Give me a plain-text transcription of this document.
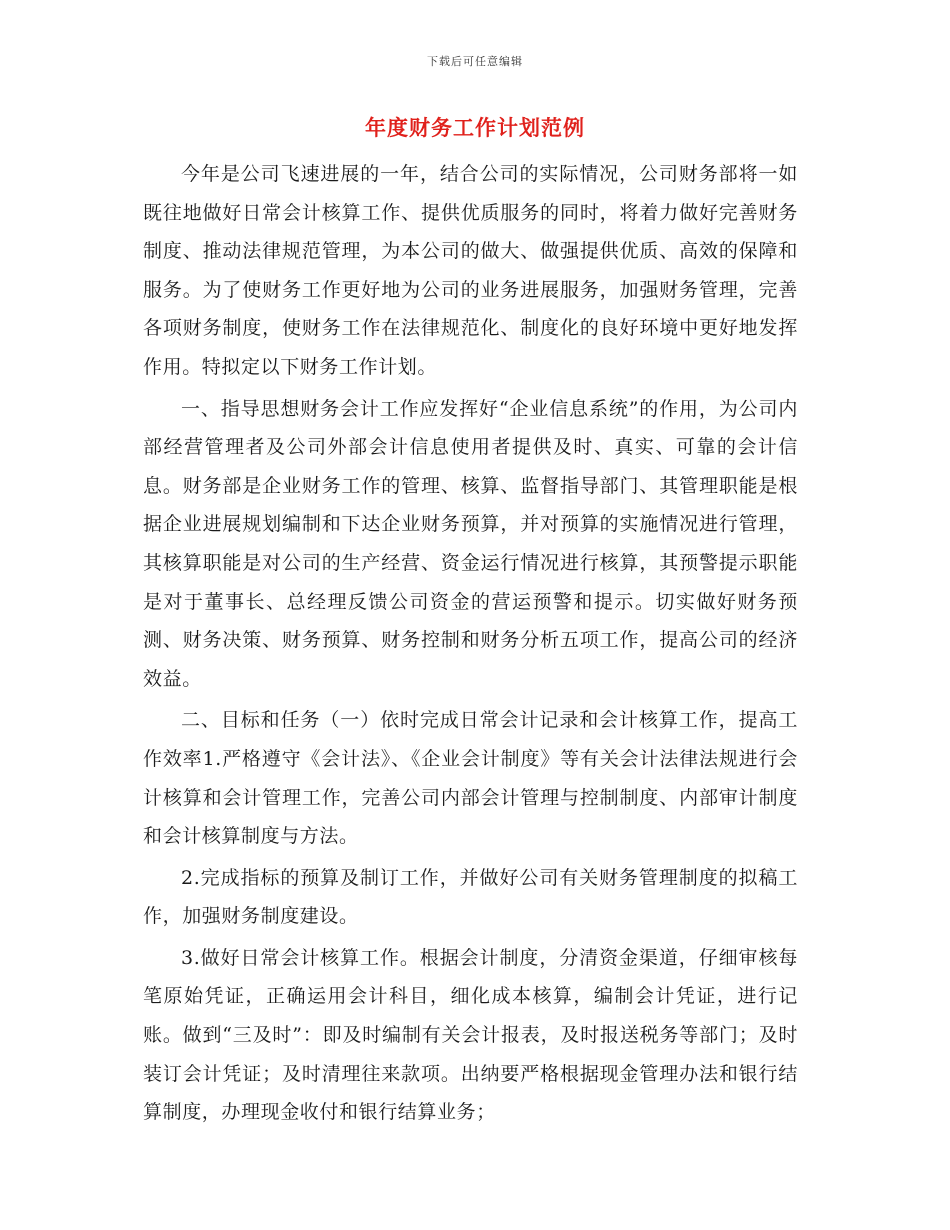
下载后可任意编辑
年度财务工作计划范例

今年是公司飞速进展的一年，结合公司的实际情况，公司财务部将一如既往地做好日常会计核算工作、提供优质服务的同时，将着力做好完善财务制度、推动法律规范管理，为本公司的做大、做强提供优质、高效的保障和服务。为了使财务工作更好地为公司的业务进展服务，加强财务管理，完善各项财务制度，使财务工作在法律规范化、制度化的良好环境中更好地发挥作用。特拟定以下财务工作计划。

一、指导思想财务会计工作应发挥好“企业信息系统”的作用，为公司内部经营管理者及公司外部会计信息使用者提供及时、真实、可靠的会计信息。财务部是企业财务工作的管理、核算、监督指导部门、其管理职能是根据企业进展规划编制和下达企业财务预算，并对预算的实施情况进行管理，其核算职能是对公司的生产经营、资金运行情况进行核算，其预警提示职能是对于董事长、总经理反馈公司资金的营运预警和提示。切实做好财务预测、财务决策、财务预算、财务控制和财务分析五项工作，提高公司的经济效益。

二、目标和任务（一）依时完成日常会计记录和会计核算工作，提高工作效率1.严格遵守《会计法》、《企业会计制度》等有关会计法律法规进行会计核算和会计管理工作，完善公司内部会计管理与控制制度、内部审计制度和会计核算制度与方法。

2.完成指标的预算及制订工作，并做好公司有关财务管理制度的拟稿工作，加强财务制度建设。

3.做好日常会计核算工作。根据会计制度，分清资金渠道，仔细审核每笔原始凭证，正确运用会计科目，细化成本核算，编制会计凭证，进行记账。做到“三及时”：即及时编制有关会计报表，及时报送税务等部门；及时装订会计凭证；及时清理往来款项。出纳要严格根据现金管理办法和银行结算制度，办理现金收付和银行结算业务；
